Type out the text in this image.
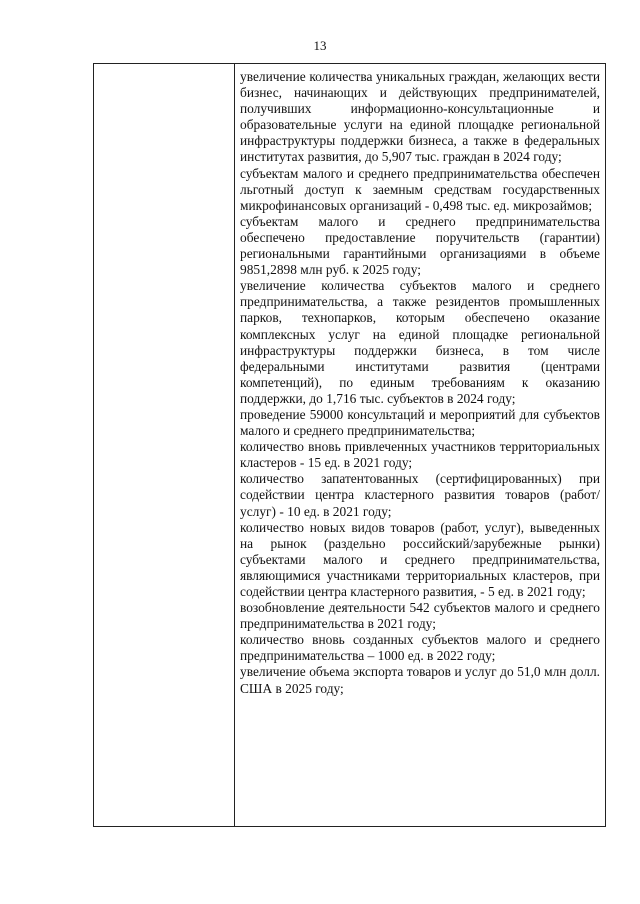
13

увеличение количества уникальных граждан, желающих вести бизнес, начинающих и действующих предпринимателей, получивших информационно-консультационные и образовательные услуги на единой площадке региональной инфраструктуры поддержки бизнеса, а также в федеральных институтах развития, до 5,907 тыс. граждан в 2024 году;

субъектам малого и среднего предпринимательства обеспечен льготный доступ к заемным средствам государственных микрофинансовых организаций - 0,498 тыс. ед. микрозаймов;

субъектам малого и среднего предпринимательства обеспечено предоставление поручительств (гарантии) региональными гарантийными организациями в объеме 9851,2898 млн руб. к 2025 году;

увеличение количества субъектов малого и среднего предпринимательства, а также резидентов промышленных парков, технопарков, которым обеспечено оказание комплексных услуг на единой площадке региональной инфраструктуры поддержки бизнеса, в том числе федеральными институтами развития (центрами компетенций), по единым требованиям к оказанию поддержки, до 1,716 тыс. субъектов в 2024 году;

проведение 59000 консультаций и мероприятий для субъектов малого и среднего предпринимательства;

количество вновь привлеченных участников территориальных кластеров - 15 ед. в 2021 году;

количество запатентованных (сертифицированных) при содействии центра кластерного развития товаров (работ/услуг) - 10 ед. в 2021 году;

количество новых видов товаров (работ, услуг), выведенных на рынок (раздельно российский/зарубежные рынки) субъектами малого и среднего предпринимательства, являющимися участниками территориальных кластеров, при содействии центра кластерного развития, - 5 ед. в 2021 году;

возобновление деятельности 542 субъектов малого и среднего предпринимательства в 2021 году;

количество вновь созданных субъектов малого и среднего предпринимательства – 1000 ед. в 2022 году;

увеличение объема экспорта товаров и услуг до 51,0 млн долл. США в 2025 году;
